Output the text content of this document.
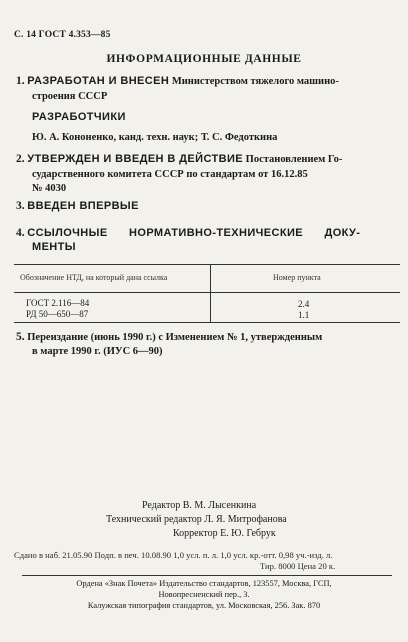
С. 14 ГОСТ 4.353—85
ИНФОРМАЦИОННЫЕ ДАННЫЕ
1. РАЗРАБОТАН И ВНЕСЕН Министерством тяжелого машино-
строения СССР
РАЗРАБОТЧИКИ
Ю. А. Кононенко, канд. техн. наук; Т. С. Федоткина
2. УТВЕРЖДЕН И ВВЕДЕН В ДЕЙСТВИЕ Постановлением Го-
сударственного комитета СССР по стандартам от 16.12.85
№ 4030
3. ВВЕДЕН ВПЕРВЫЕ
4. ССЫЛОЧНЫЕ НОРМАТИВНО-ТЕХНИЧЕСКИЕ ДОКУ-
МЕНТЫ
Обозначение НТД, на который дана ссылка	Номер пункта
ГОСТ 2.116—84	2.4
РД 50—650—87	1.1
5. Переиздание (июнь 1990 г.) с Изменением № 1, утвержденным
в марте 1990 г. (ИУС 6—90)
Редактор В. М. Лысенкина
Технический редактор Л. Я. Митрофанова
Корректор Е. Ю. Гебрук
Сдано в наб. 21.05.90 Подп. в печ. 10.08.90 1,0 усл. п. л. 1,0 усл. кр.-отт. 0,98 уч.-изд. л.
Тир. 8000 Цена 20 к.
Ордена «Знак Почета» Издательство стандартов, 123557, Москва, ГСП,
Новопресненский пер., 3.
Калужская типография стандартов, ул. Московская, 256. Зак. 870
